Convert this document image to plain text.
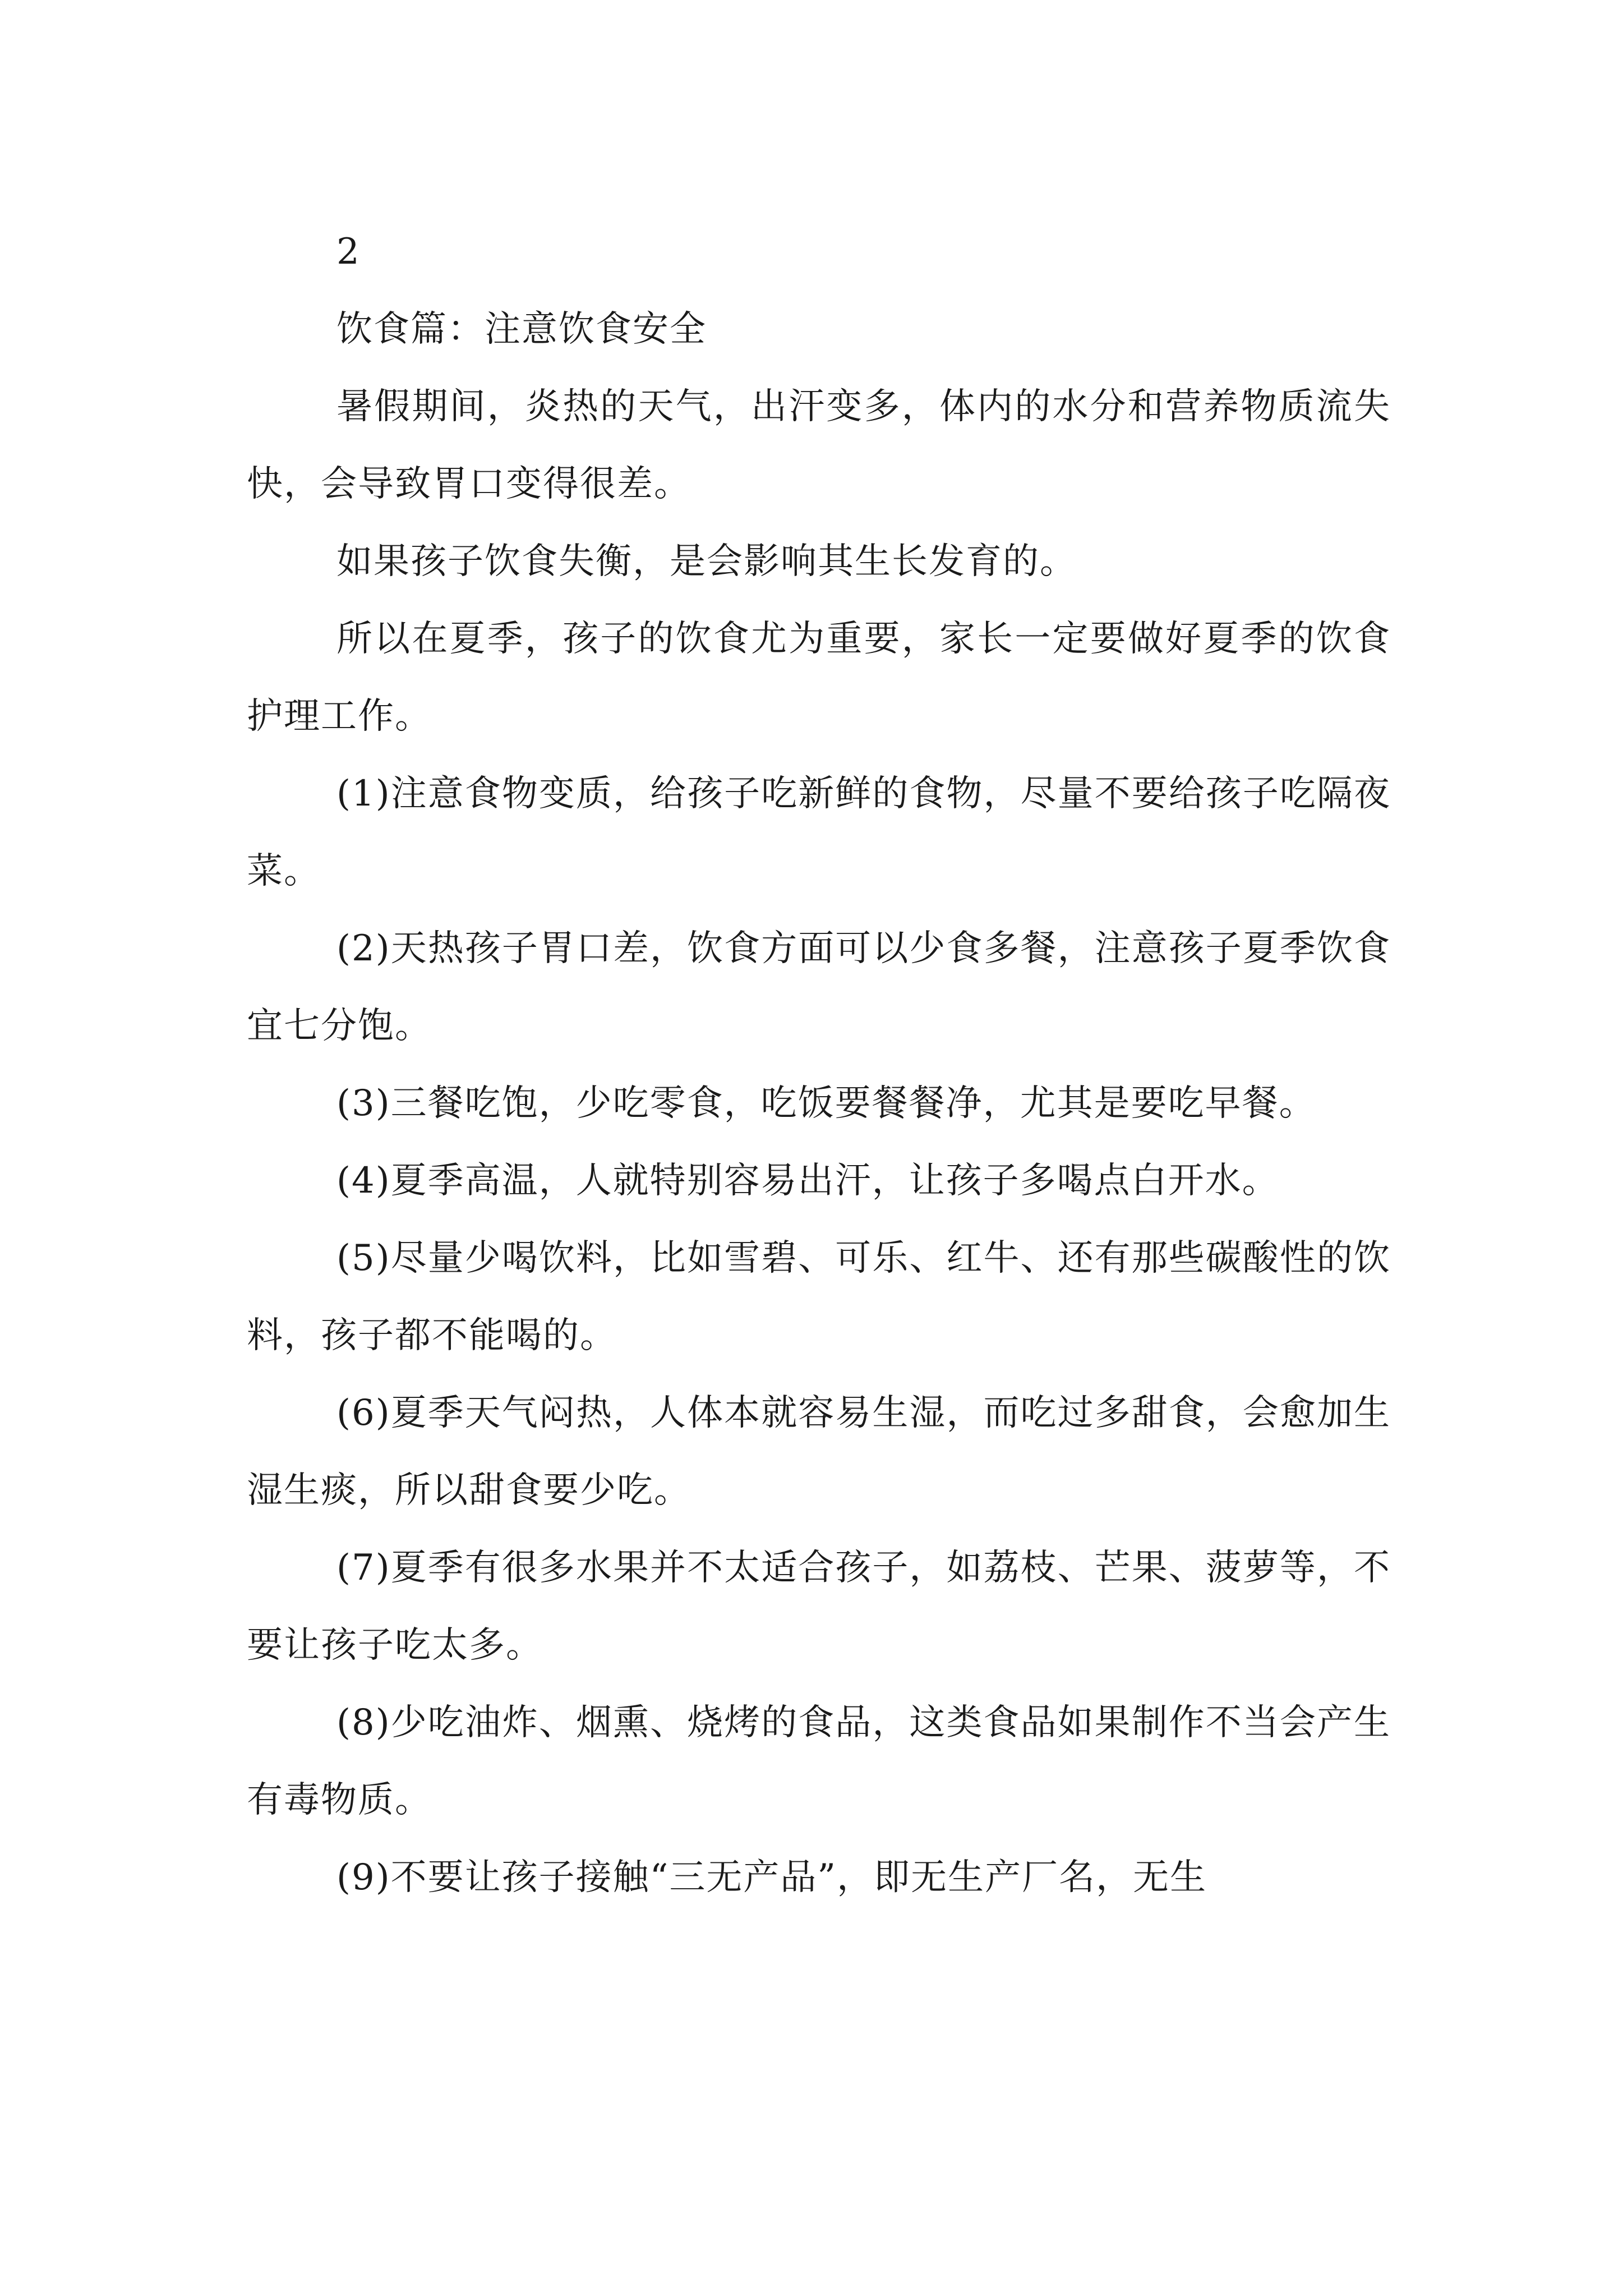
2

饮食篇：注意饮食安全

暑假期间，炎热的天气，出汗变多，体内的水分和营养物质流失快，会导致胃口变得很差。

如果孩子饮食失衡，是会影响其生长发育的。

所以在夏季，孩子的饮食尤为重要，家长一定要做好夏季的饮食护理工作。

(1)注意食物变质，给孩子吃新鲜的食物，尽量不要给孩子吃隔夜菜。

(2)天热孩子胃口差，饮食方面可以少食多餐，注意孩子夏季饮食宜七分饱。

(3)三餐吃饱，少吃零食，吃饭要餐餐净，尤其是要吃早餐。

(4)夏季高温，人就特别容易出汗，让孩子多喝点白开水。

(5)尽量少喝饮料，比如雪碧、可乐、红牛、还有那些碳酸性的饮料，孩子都不能喝的。

(6)夏季天气闷热，人体本就容易生湿，而吃过多甜食，会愈加生湿生痰，所以甜食要少吃。

(7)夏季有很多水果并不太适合孩子，如荔枝、芒果、菠萝等，不要让孩子吃太多。

(8)少吃油炸、烟熏、烧烤的食品，这类食品如果制作不当会产生有毒物质。

(9)不要让孩子接触“三无产品”，即无生产厂名，无生
